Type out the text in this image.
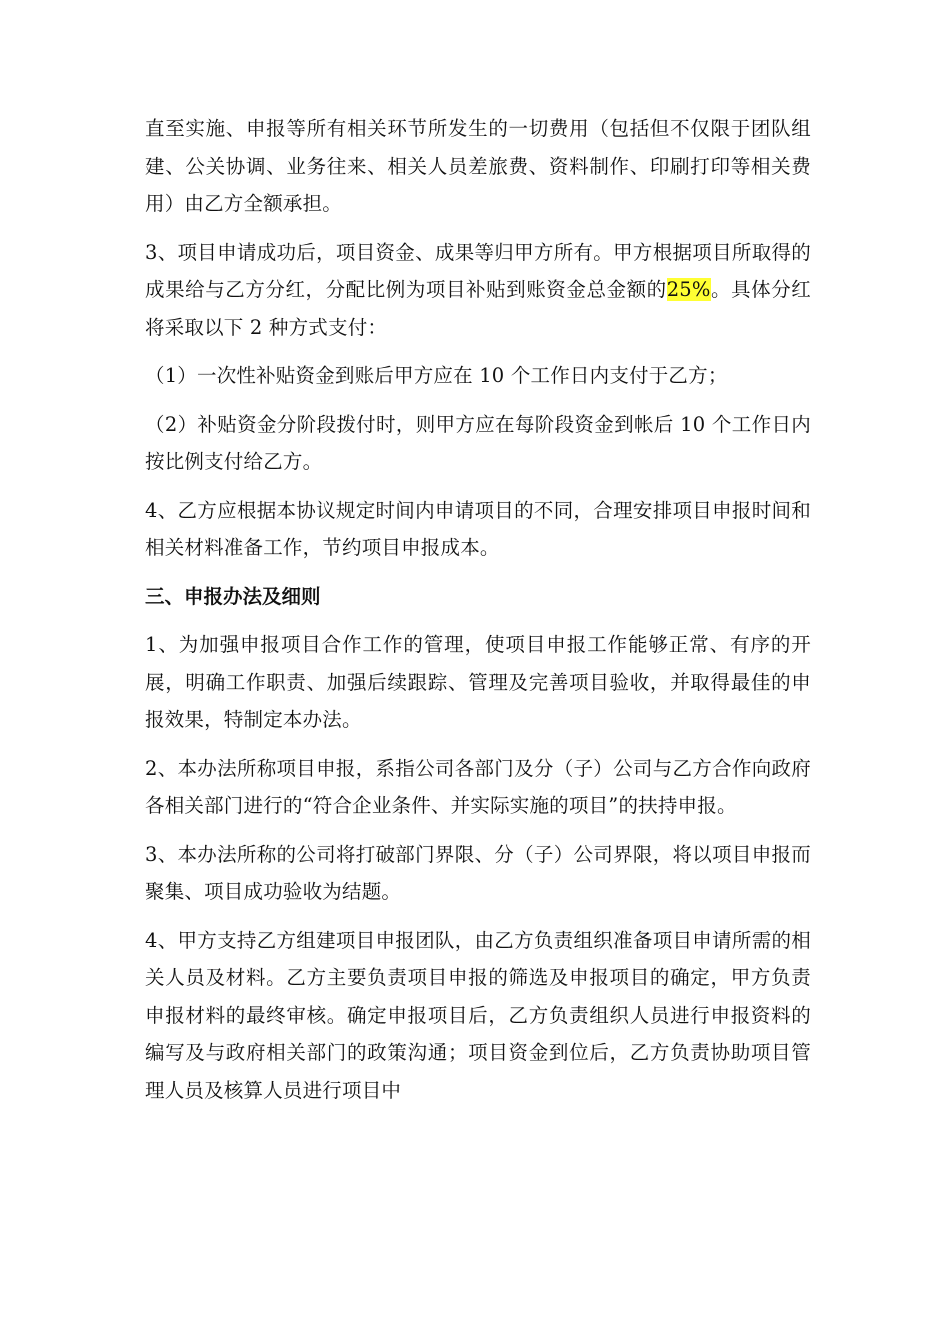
直至实施、申报等所有相关环节所发生的一切费用（包括但不仅限于团队组建、公关协调、业务往来、相关人员差旅费、资料制作、印刷打印等相关费用）由乙方全额承担。

3、项目申请成功后，项目资金、成果等归甲方所有。甲方根据项目所取得的成果给与乙方分红，分配比例为项目补贴到账资金总金额的25%。具体分红将采取以下 2 种方式支付：

（1）一次性补贴资金到账后甲方应在 10 个工作日内支付于乙方；

（2）补贴资金分阶段拨付时，则甲方应在每阶段资金到帐后 10 个工作日内按比例支付给乙方。

4、乙方应根据本协议规定时间内申请项目的不同，合理安排项目申报时间和相关材料准备工作，节约项目申报成本。

三、申报办法及细则

1、为加强申报项目合作工作的管理，使项目申报工作能够正常、有序的开展，明确工作职责、加强后续跟踪、管理及完善项目验收，并取得最佳的申报效果，特制定本办法。

2、本办法所称项目申报，系指公司各部门及分（子）公司与乙方合作向政府各相关部门进行的“符合企业条件、并实际实施的项目”的扶持申报。

3、本办法所称的公司将打破部门界限、分（子）公司界限，将以项目申报而聚集、项目成功验收为结题。

4、甲方支持乙方组建项目申报团队，由乙方负责组织准备项目申请所需的相关人员及材料。乙方主要负责项目申报的筛选及申报项目的确定，甲方负责申报材料的最终审核。确定申报项目后，乙方负责组织人员进行申报资料的编写及与政府相关部门的政策沟通；项目资金到位后，乙方负责协助项目管理人员及核算人员进行项目中
